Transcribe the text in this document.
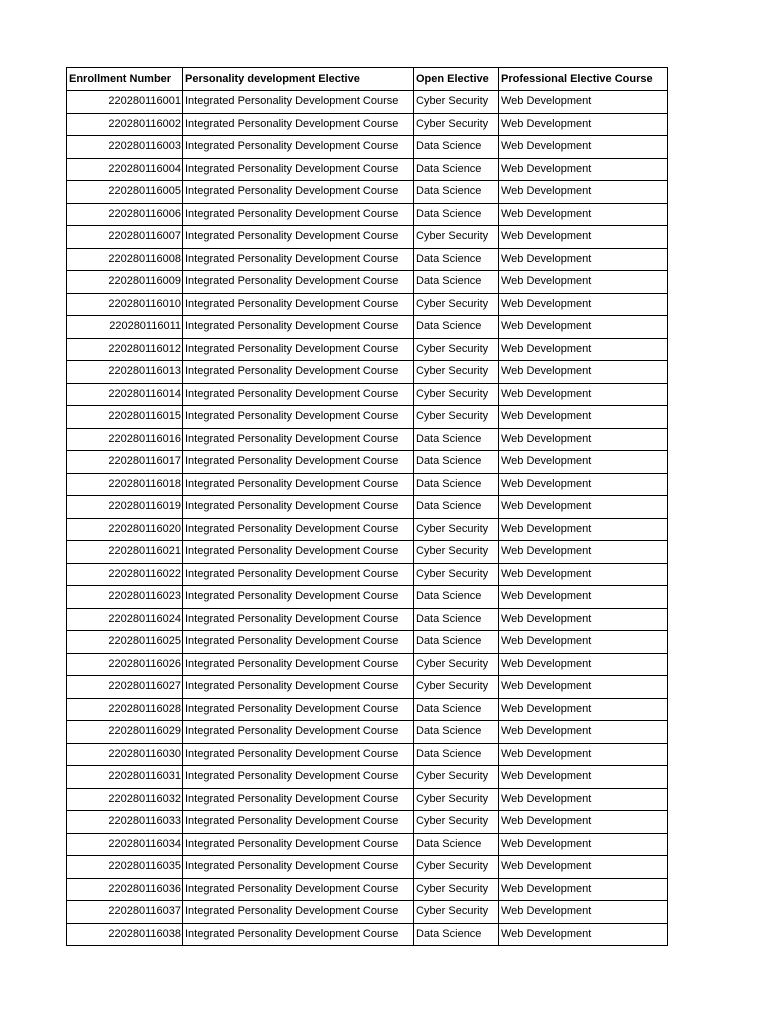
Enrollment Number	Personality development Elective	Open Elective	Professional Elective Course
220280116001	Integrated Personality Development Course	Cyber Security	Web Development
220280116002	Integrated Personality Development Course	Cyber Security	Web Development
220280116003	Integrated Personality Development Course	Data Science	Web Development
220280116004	Integrated Personality Development Course	Data Science	Web Development
220280116005	Integrated Personality Development Course	Data Science	Web Development
220280116006	Integrated Personality Development Course	Data Science	Web Development
220280116007	Integrated Personality Development Course	Cyber Security	Web Development
220280116008	Integrated Personality Development Course	Data Science	Web Development
220280116009	Integrated Personality Development Course	Data Science	Web Development
220280116010	Integrated Personality Development Course	Cyber Security	Web Development
220280116011	Integrated Personality Development Course	Data Science	Web Development
220280116012	Integrated Personality Development Course	Cyber Security	Web Development
220280116013	Integrated Personality Development Course	Cyber Security	Web Development
220280116014	Integrated Personality Development Course	Cyber Security	Web Development
220280116015	Integrated Personality Development Course	Cyber Security	Web Development
220280116016	Integrated Personality Development Course	Data Science	Web Development
220280116017	Integrated Personality Development Course	Data Science	Web Development
220280116018	Integrated Personality Development Course	Data Science	Web Development
220280116019	Integrated Personality Development Course	Data Science	Web Development
220280116020	Integrated Personality Development Course	Cyber Security	Web Development
220280116021	Integrated Personality Development Course	Cyber Security	Web Development
220280116022	Integrated Personality Development Course	Cyber Security	Web Development
220280116023	Integrated Personality Development Course	Data Science	Web Development
220280116024	Integrated Personality Development Course	Data Science	Web Development
220280116025	Integrated Personality Development Course	Data Science	Web Development
220280116026	Integrated Personality Development Course	Cyber Security	Web Development
220280116027	Integrated Personality Development Course	Cyber Security	Web Development
220280116028	Integrated Personality Development Course	Data Science	Web Development
220280116029	Integrated Personality Development Course	Data Science	Web Development
220280116030	Integrated Personality Development Course	Data Science	Web Development
220280116031	Integrated Personality Development Course	Cyber Security	Web Development
220280116032	Integrated Personality Development Course	Cyber Security	Web Development
220280116033	Integrated Personality Development Course	Cyber Security	Web Development
220280116034	Integrated Personality Development Course	Data Science	Web Development
220280116035	Integrated Personality Development Course	Cyber Security	Web Development
220280116036	Integrated Personality Development Course	Cyber Security	Web Development
220280116037	Integrated Personality Development Course	Cyber Security	Web Development
220280116038	Integrated Personality Development Course	Data Science	Web Development
